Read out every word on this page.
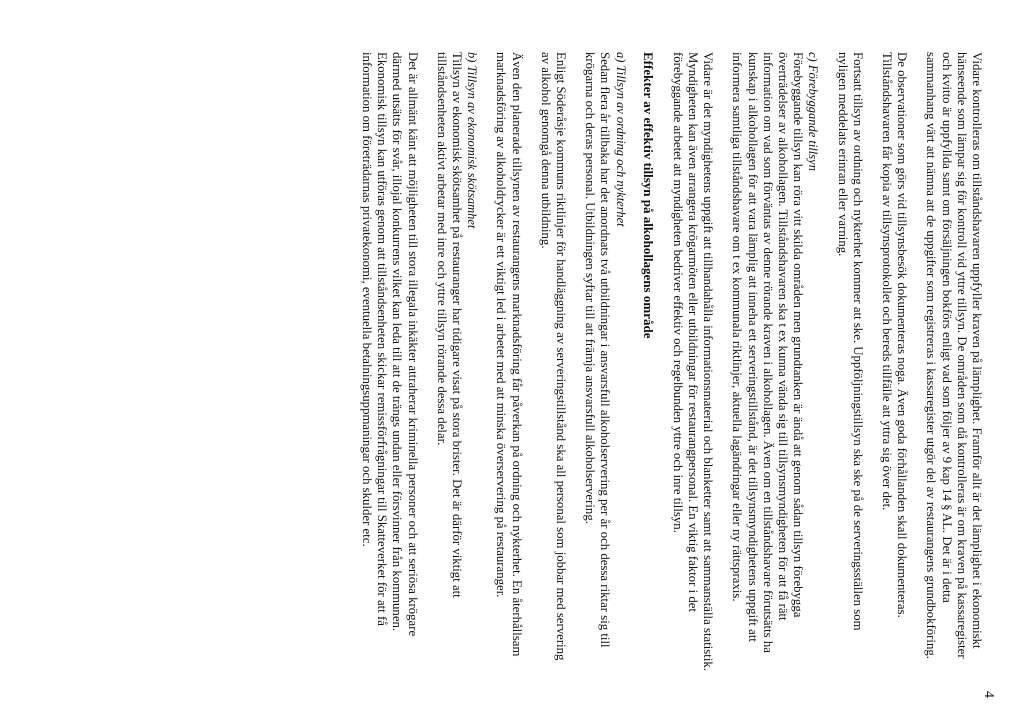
4

Vidare kontrolleras om tillståndshavaren uppfyller kraven på lämplighet. Framför allt är det lämplighet i ekonomiskt hänseende som lämpar sig för kontroll vid yttre tillsyn. De områden som då kontrolleras är om kraven på kassaregister och kvitto är uppfyllda samt om försäljningen bokförs enligt vad som följer av 9 kap 14 § AL. Det är i detta sammanhang värt att nämna att de uppgifter som registreras i kassaregister utgör del av restaurangens grundbokföring.

De observationer som görs vid tillsynsbesök dokumenteras noga. Även goda förhållanden skall dokumenteras. Tillståndshavaren får kopia av tillsynsprotokollet och bereds tillfälle att yttra sig över det.

Fortsatt tillsyn av ordning och nykterhet kommer att ske. Uppföljningstillsyn ska ske på de serveringsställen som nyligen meddelats erinran eller varning.

c) Förebyggande tillsyn

Förebyggande tillsyn kan röra vitt skilda områden men grundtanken är ändå att genom sådan tillsyn förebygga överträdelser av alkohollagen. Tillståndshavaren ska t ex kunna vända sig till tillsynsmyndigheten för att få rätt information om vad som förväntas av denne rörande kraven i alkohollagen. Även om en tillståndshavare förutsätts ha kunskap i alkohollagen för att vara lämplig att inneha ett serveringstillstånd, är det tillsynsmyndighetens uppgift att informera samtliga tillståndshavare om t ex kommunala riktlinjer, aktuella lagändringar eller ny rättspraxis.

Vidare är det myndighetens uppgift att tillhandahålla informationsmaterial och blanketter samt att sammanställa statistik. Myndigheten kan även arrangera krögarmöten eller utbildningar för restaurangpersonal. En viktig faktor i det förebyggande arbetet att myndigheten bedriver effektiv och regelbunden yttre och inre tillsyn.

Effekter av effektiv tillsyn på alkohollagens område

a) Tillsyn av ordning och nykterhet

Sedan flera år tillbaka har det anordnats två utbildningar i ansvarsfull alkoholservering per år och dessa riktar sig till krögarna och deras personal. Utbildningen syftar till att främja ansvarsfull alkoholservering.

Enligt Söderåsje kommuns riktlinjer för handläggning av serveringstillstånd ska all personal som jobbar med servering av alkohol genomgå denna utbildning.

Även den planerade tillsynen av restaurangens marknadsföring får påverkan på ordning och nykterhet. En återhållsam marknadsföring av alkoholdrycker är ett viktigt led i arbetet med att minska överservering på restauranger.

b) Tillsyn av ekonomisk skötsamhet

Tillsyn av ekonomisk skötsamhet på restauranger har tidigare visat på stora brister. Det är därför viktigt att tillståndsenheten aktivt arbetar med inre och yttre tillsyn rörande dessa delar.

Det är allmänt känt att möjligheten till stora illegala inkäkter attraherar kriminella personer och att seriösa krögare därmed utsätts för svår, illojal konkurrens vilket kan leda till att de trängs undan eller försvinner från kommunen. Ekonomisk tillsyn kan utföras genom att tillståndsenheten skickar remissförfrågningar till Skatteverket för att få information om företrädarnas privatekonomi, eventuella betalningsuppmaningar och skulder etc.
